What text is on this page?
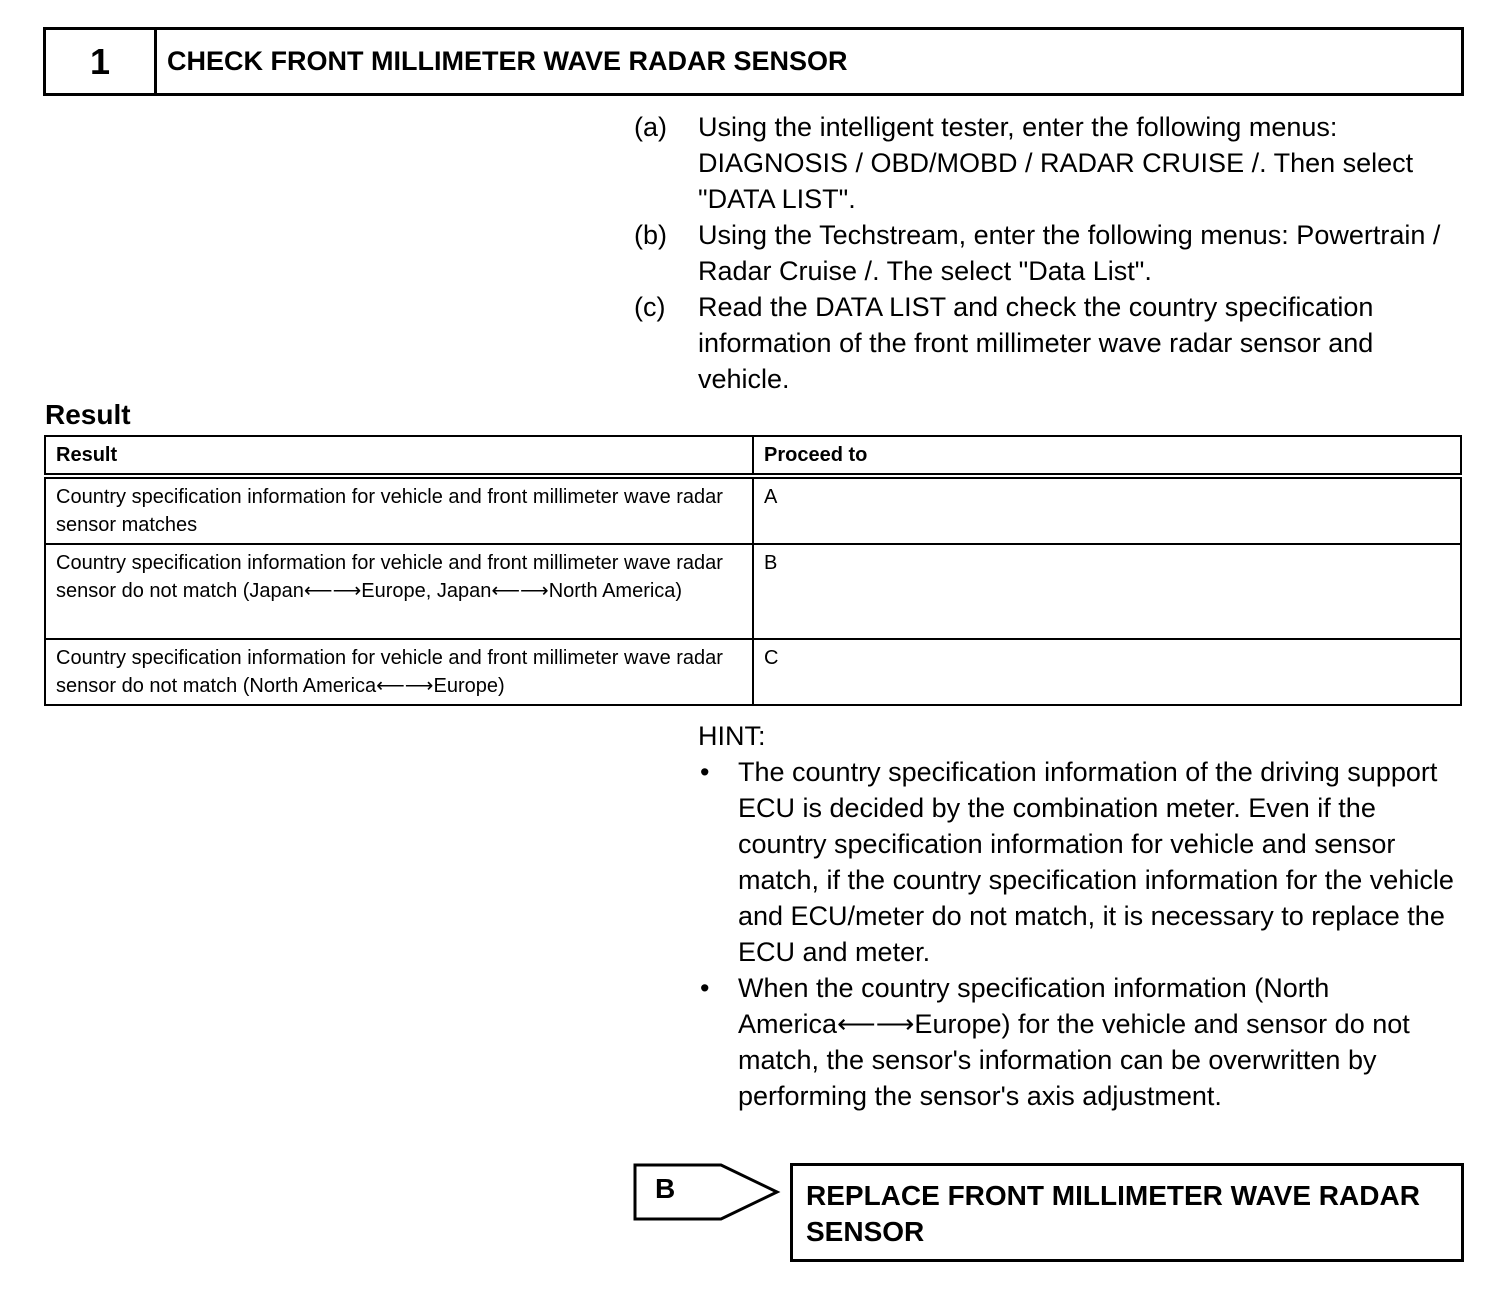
1	CHECK FRONT MILLIMETER WAVE RADAR SENSOR
(a)	Using the intelligent tester, enter the following menus: DIAGNOSIS / OBD/MOBD / RADAR CRUISE /. Then select "DATA LIST".
(b)	Using the Techstream, enter the following menus: Powertrain / Radar Cruise /. The select "Data List".
(c)	Read the DATA LIST and check the country specification information of the front millimeter wave radar sensor and vehicle.
Result
Result	Proceed to
Country specification information for vehicle and front millimeter wave radar sensor matches	A
Country specification information for vehicle and front millimeter wave radar sensor do not match (Japan⟵⟶Europe, Japan⟵⟶North America)	B
Country specification information for vehicle and front millimeter wave radar sensor do not match (North America⟵⟶Europe)	C
HINT:
•	The country specification information of the driving support ECU is decided by the combination meter. Even if the country specification information for vehicle and sensor match, if the country specification information for the vehicle and ECU/meter do not match, it is necessary to replace the ECU and meter.
•	When the country specification information (North America⟵⟶Europe) for the vehicle and sensor do not match, the sensor's information can be overwritten by performing the sensor's axis adjustment.
B	REPLACE FRONT MILLIMETER WAVE RADAR SENSOR
